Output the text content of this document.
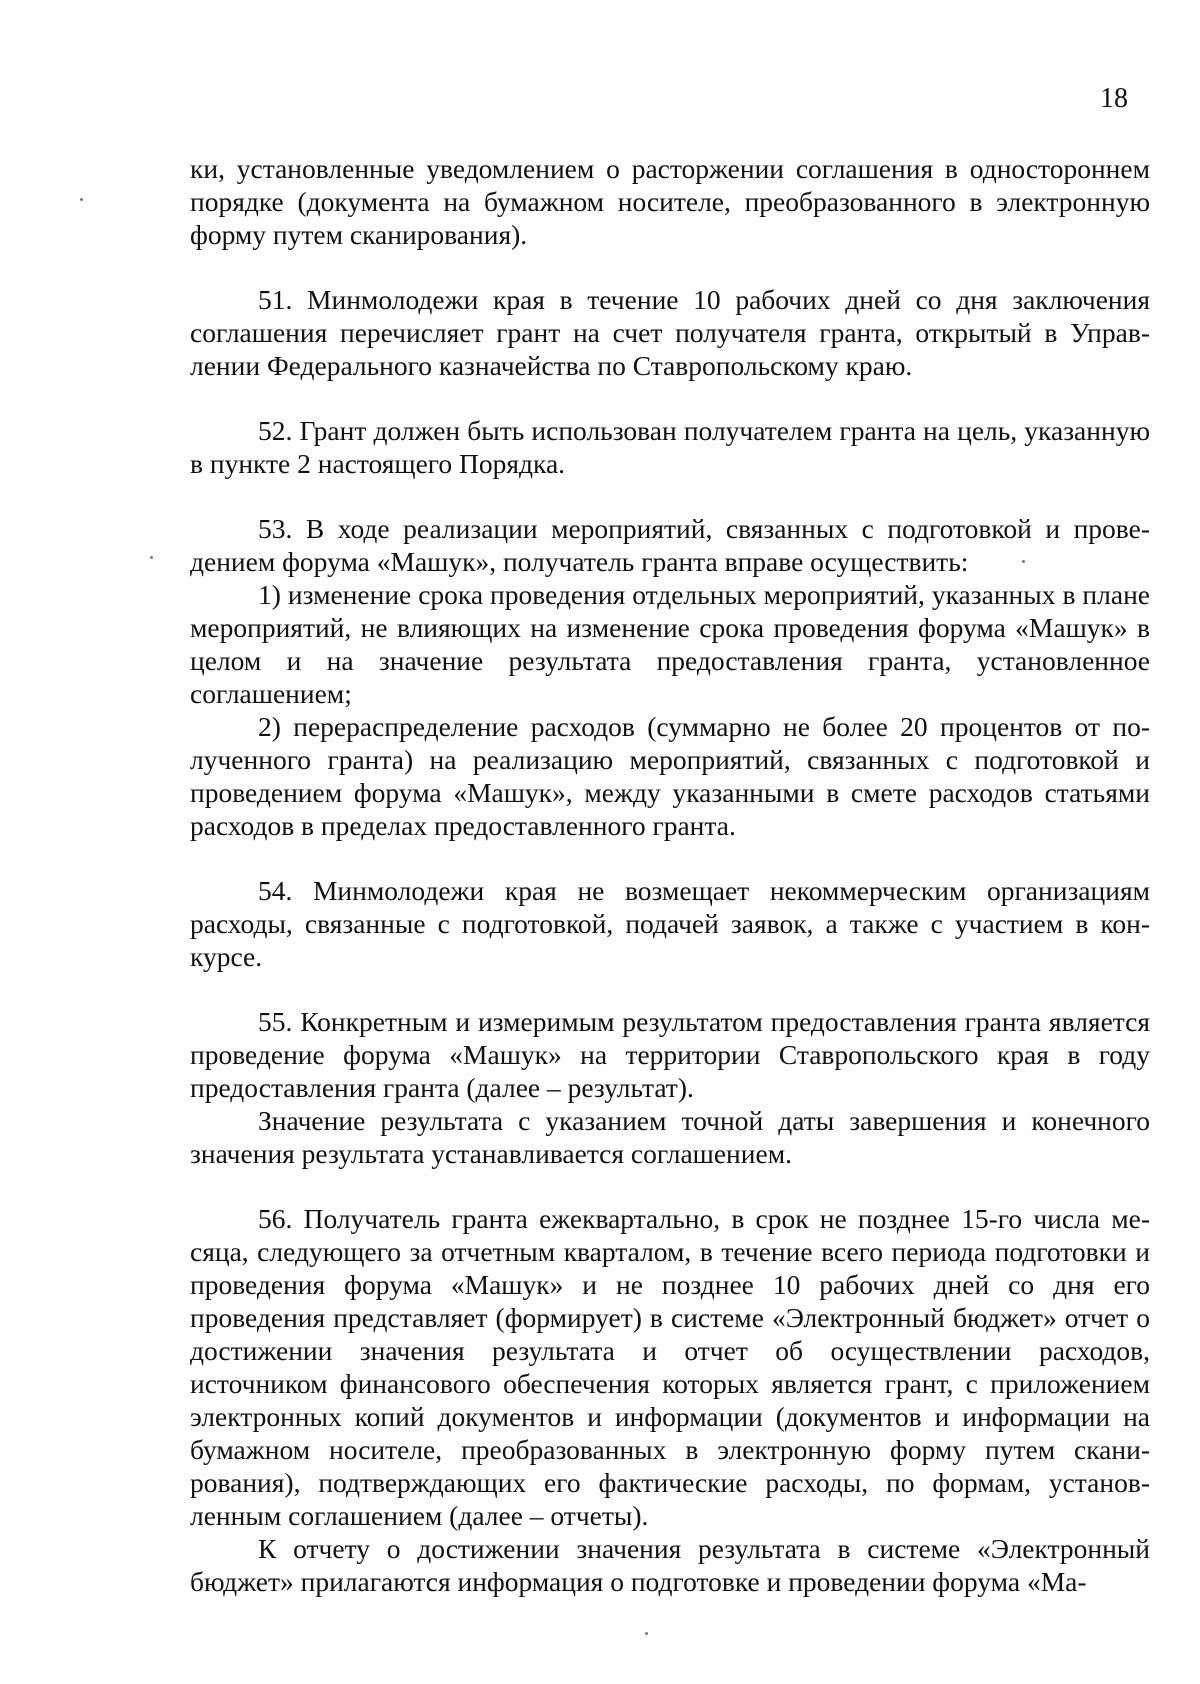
18

ки, установленные уведомлением о расторжении соглашения в одностороннем порядке (документа на бумажном носителе, преобразованного в электронную форму путем сканирования).

51. Минмолодежи края в течение 10 рабочих дней со дня заключения соглашения перечисляет грант на счет получателя гранта, открытый в Управлении Федерального казначейства по Ставропольскому краю.

52. Грант должен быть использован получателем гранта на цель, указанную в пункте 2 настоящего Порядка.

53. В ходе реализации мероприятий, связанных с подготовкой и проведением форума «Машук», получатель гранта вправе осуществить:

1) изменение срока проведения отдельных мероприятий, указанных в плане мероприятий, не влияющих на изменение срока проведения форума «Машук» в целом и на значение результата предоставления гранта, установленное соглашением;

2) перераспределение расходов (суммарно не более 20 процентов от полученного гранта) на реализацию мероприятий, связанных с подготовкой и проведением форума «Машук», между указанными в смете расходов статьями расходов в пределах предоставленного гранта.

54. Минмолодежи края не возмещает некоммерческим организациям расходы, связанные с подготовкой, подачей заявок, а также с участием в конкурсе.

55. Конкретным и измеримым результатом предоставления гранта является проведение форума «Машук» на территории Ставропольского края в году предоставления гранта (далее – результат).

Значение результата с указанием точной даты завершения и конечного значения результата устанавливается соглашением.

56. Получатель гранта ежеквартально, в срок не позднее 15-го числа месяца, следующего за отчетным кварталом, в течение всего периода подготовки и проведения форума «Машук» и не позднее 10 рабочих дней со дня его проведения представляет (формирует) в системе «Электронный бюджет» отчет о достижении значения результата и отчет об осуществлении расходов, источником финансового обеспечения которых является грант, с приложением электронных копий документов и информации (документов и информации на бумажном носителе, преобразованных в электронную форму путем сканирования), подтверждающих его фактические расходы, по формам, установленным соглашением (далее – отчеты).

К отчету о достижении значения результата в системе «Электронный бюджет» прилагаются информация о подготовке и проведении форума «Ма-
